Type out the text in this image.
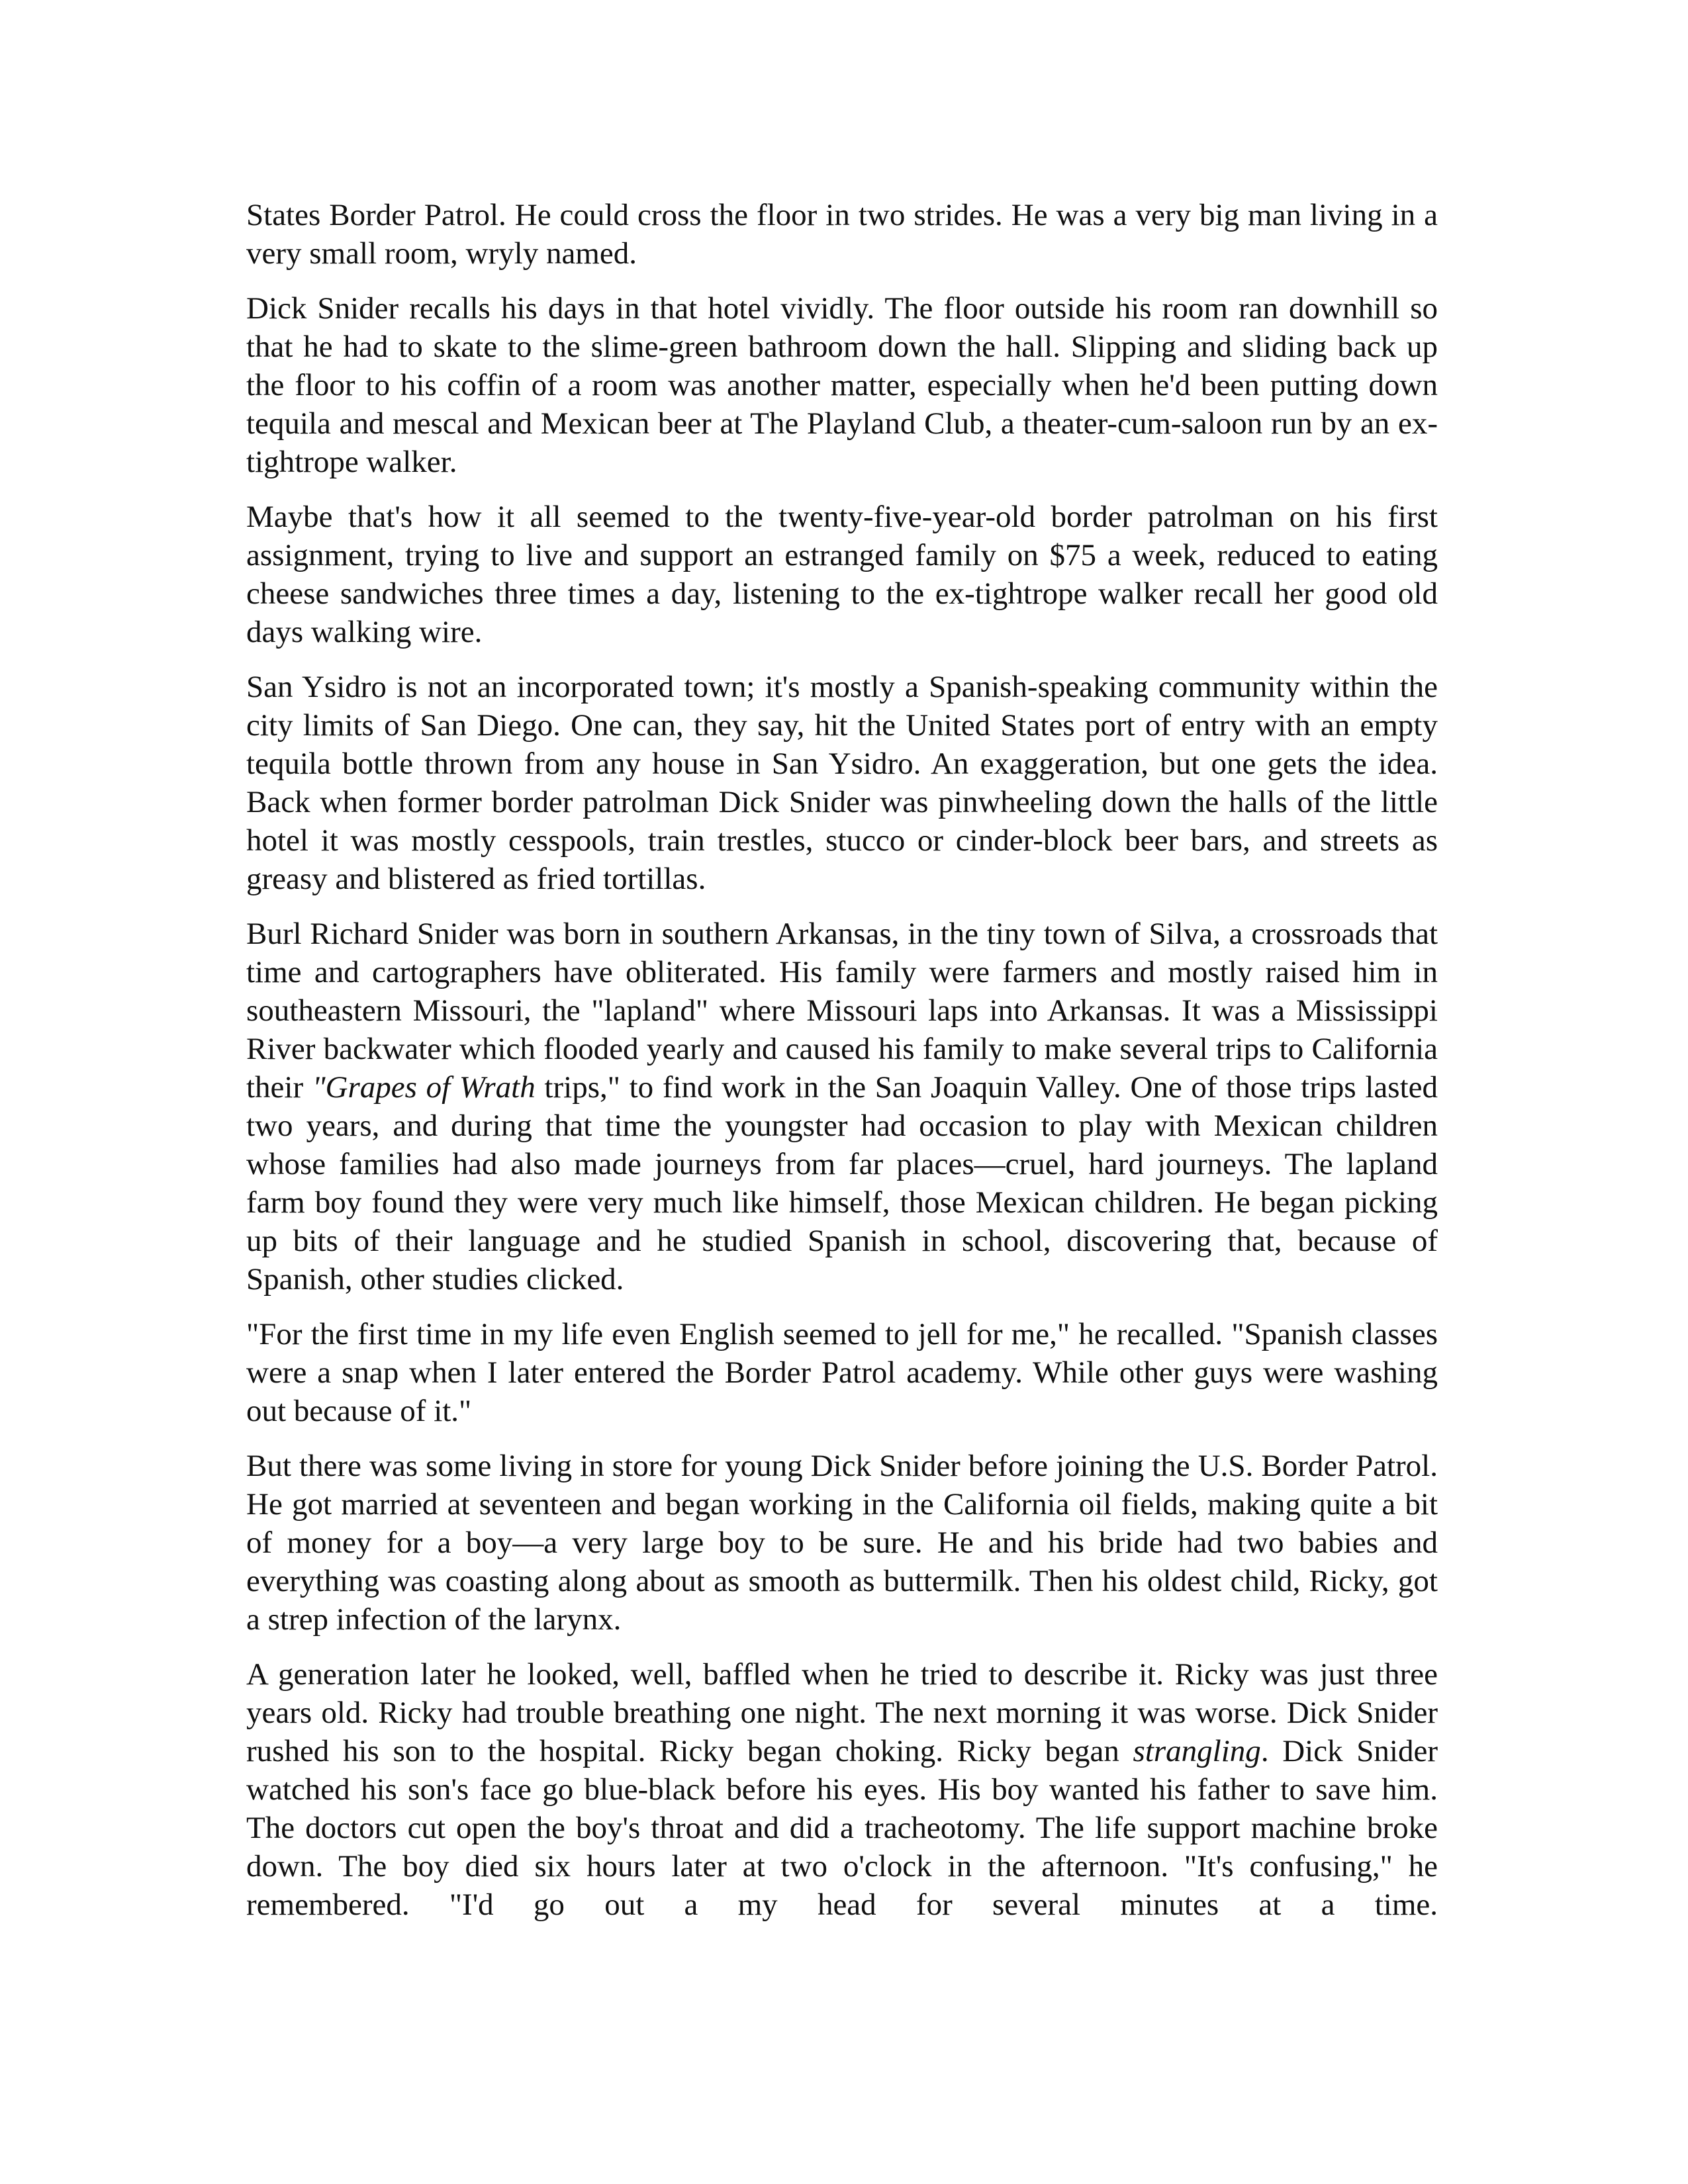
States Border Patrol. He could cross the floor in two strides. He was a very big man living in a very small room, wryly named.

Dick Snider recalls his days in that hotel vividly. The floor outside his room ran downhill so that he had to skate to the slime-green bathroom down the hall. Slipping and sliding back up the floor to his coffin of a room was another matter, especially when he'd been putting down tequila and mescal and Mexican beer at The Playland Club, a theater-cum-saloon run by an ex-tightrope walker.

Maybe that's how it all seemed to the twenty-five-year-old border patrolman on his first assignment, trying to live and support an estranged family on $75 a week, reduced to eating cheese sandwiches three times a day, listening to the ex-tightrope walker recall her good old days walking wire.

San Ysidro is not an incorporated town; it's mostly a Spanish-speaking community within the city limits of San Diego. One can, they say, hit the United States port of entry with an empty tequila bottle thrown from any house in San Ysidro. An exaggeration, but one gets the idea. Back when former border patrolman Dick Snider was pinwheeling down the halls of the little hotel it was mostly cesspools, train trestles, stucco or cinder-block beer bars, and streets as greasy and blistered as fried tortillas.

Burl Richard Snider was born in southern Arkansas, in the tiny town of Silva, a crossroads that time and cartographers have obliterated. His family were farmers and mostly raised him in southeastern Missouri, the "lapland" where Missouri laps into Arkansas. It was a Mississippi River backwater which flooded yearly and caused his family to make several trips to California their "Grapes of Wrath trips," to find work in the San Joaquin Valley. One of those trips lasted two years, and during that time the youngster had occasion to play with Mexican children whose families had also made journeys from far places—cruel, hard journeys. The lapland farm boy found they were very much like himself, those Mexican children. He began picking up bits of their language and he studied Spanish in school, discovering that, because of Spanish, other studies clicked.

"For the first time in my life even English seemed to jell for me," he recalled. "Spanish classes were a snap when I later entered the Border Patrol academy. While other guys were washing out because of it."

But there was some living in store for young Dick Snider before joining the U.S. Border Patrol. He got married at seventeen and began working in the California oil fields, making quite a bit of money for a boy—a very large boy to be sure. He and his bride had two babies and everything was coasting along about as smooth as buttermilk. Then his oldest child, Ricky, got a strep infection of the larynx.

A generation later he looked, well, baffled when he tried to describe it. Ricky was just three years old. Ricky had trouble breathing one night. The next morning it was worse. Dick Snider rushed his son to the hospital. Ricky began choking. Ricky began strangling. Dick Snider watched his son's face go blue-black before his eyes. His boy wanted his father to save him. The doctors cut open the boy's throat and did a tracheotomy. The life support machine broke down. The boy died six hours later at two o'clock in the afternoon. "It's confusing," he remembered. "I'd go out a my head for several minutes at a time.
